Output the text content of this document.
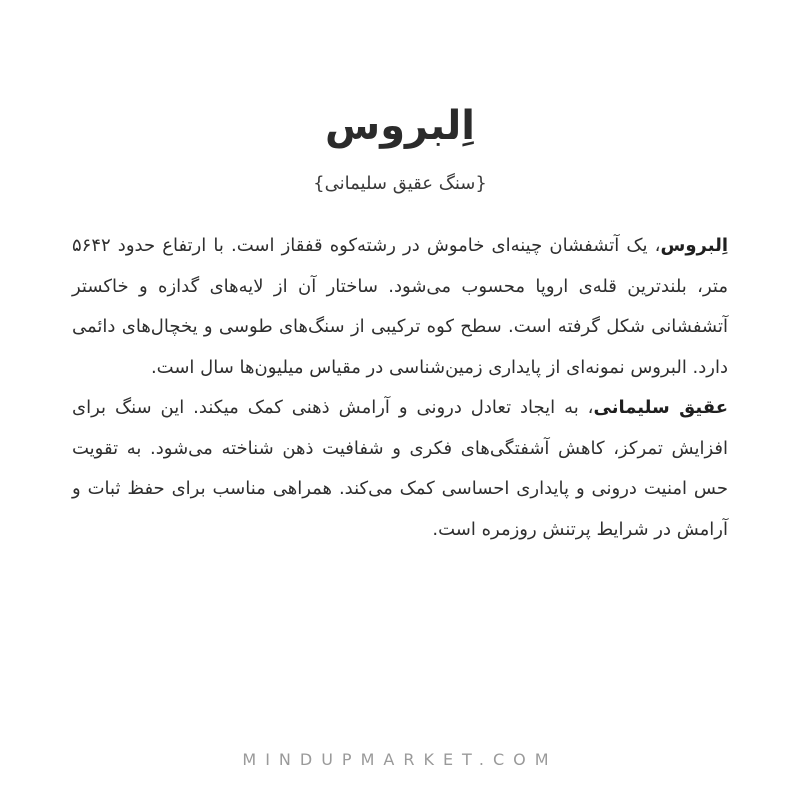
اِلبروس
{سنگ عقیق سلیمانی}

اِلبروس، یک آتشفشان چینه‌ای خاموش در رشته‌کوه قفقاز است. با ارتفاع حدود ۵۶۴۲ متر، بلندترین قله‌ی اروپا محسوب می‌شود. ساختار آن از لایه‌های گدازه و خاکستر آتشفشانی شکل گرفته است. سطح کوه ترکیبی از سنگ‌های طوسی و یخچال‌های دائمی دارد. البروس نمونه‌ای از پایداری زمین‌شناسی در مقیاس میلیون‌ها سال است.

عقیق سلیمانی، به ایجاد تعادل درونی و آرامش ذهنی کمک میکند. این سنگ برای افزایش تمرکز، کاهش آشفتگی‌های فکری و شفافیت ذهن شناخته می‌شود. به تقویت حس امنیت درونی و پایداری احساسی کمک می‌کند. همراهی مناسب برای حفظ ثبات و آرامش در شرایط پرتنش روزمره است.

MINDUPMARKET.COM
